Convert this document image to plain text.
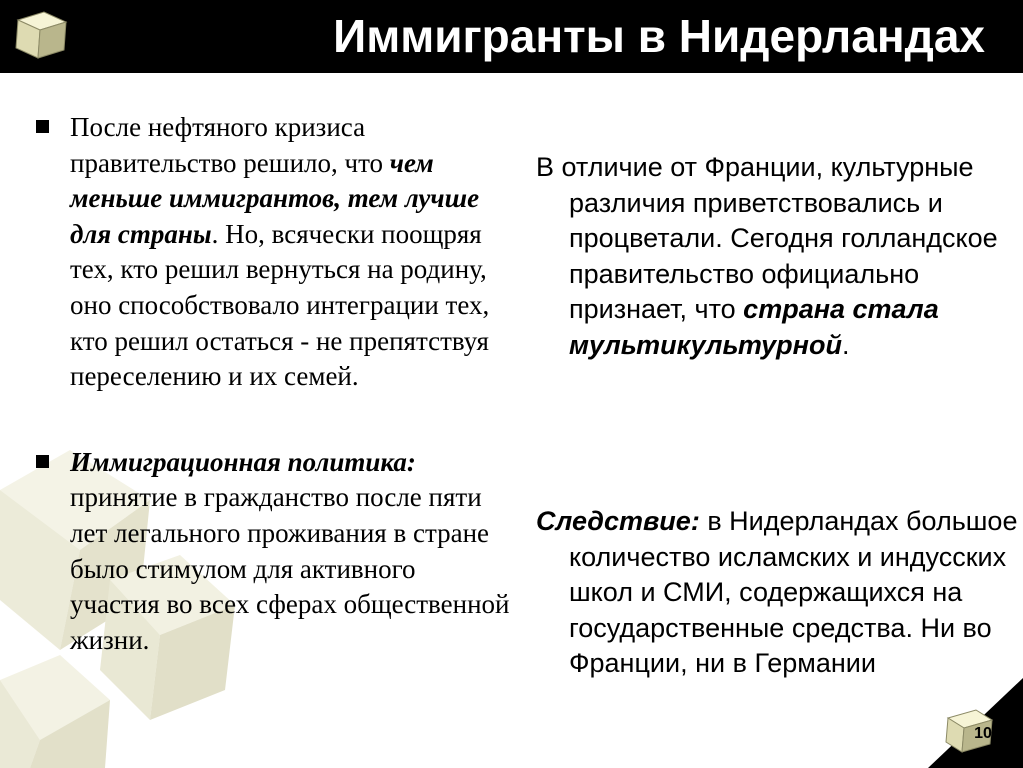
Иммигранты в Нидерландах
После нефтяного кризиса правительство решило, что чем меньше иммигрантов, тем лучше для страны. Но, всячески поощряя тех, кто решил вернуться на родину, оно способствовало интеграции тех, кто решил остаться - не препятствуя переселению и их семей.
Иммиграционная политика: принятие в гражданство после пяти лет легального проживания в стране было стимулом для активного участия во всех сферах общественной жизни.
В отличие от Франции, культурные различия приветствовались и процветали. Сегодня голландское правительство официально признает, что страна стала мультикультурной.
Следствие: в Нидерландах большое количество исламских и индусских школ и СМИ, содержащихся на государственные средства. Ни во Франции, ни в Германии
10
